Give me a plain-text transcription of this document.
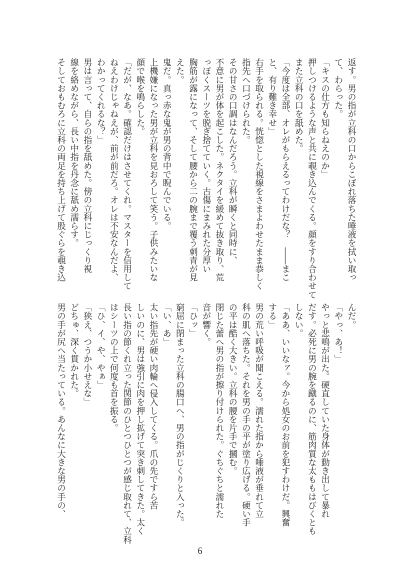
返す。男の指が立科の口からこぼれ落ちた唾液を拭い取っ

て、わらった。

「キスの仕方も知らねえのか」

押しつけるような声と共に覗き込んでくる。顔をすり合わせて

また立科の口を舐めた。

「今度は全部、オレがもらえるってわけだな？　――まこ

と、有り難き幸せ」

右手を取られる。恍惚とした視線をさまよわせたまま恭しく

指先へ口づけられた。

その甘さの口調はなんだろう。立科が瞬くと同時に、

不意に男が体を起こした。ネクタイを緩めて抜き取り、荒

っぽくスーツを脱ぎ捨てていく。古傷にまみれた分厚い

胸筋が露になって、そして腰から二の腕まで覆う刺青が見

えた。

鬼だ。真っ赤な鬼が男の背中で睨んでいる。

上機嫌になった男が立科を見おろして笑う。子供みたいな

顔で喉を鳴らした。

「だが、なあ。確認だけはさせてくれ。マスターを信用して

ねえわけじゃねえが、前が前だろ。オレは不安なんだよ、

わかってくれるな？」

男は言って、自らの指を舐めた。傍の立科にじっくり視

線を絡めながら、長い中指を丹念に舐め濡らす。

そしておもむろに立科の両足を持ち上げて股ぐらを覗き込

んだ。

「やっ、あ！」

やっと悲鳴が出た。硬直していた身体が動き出して暴れ

だす。必死に男の腕を蹴るのに、筋肉質な太ももはびくとも

しない。

「ああ、いいなァ。今から処女のお前を犯すわけだ。興奮

する」

男の荒い呼吸が聞こえる。濡れた指から唾液が垂れて立

科の肌へ落ちた。それを男の手の平が塗り広げる。硬い手

の平は酷く大きい。立科の腰を片手で摑む。

閉じた蕾へ男の指が擦り付けられた。ぐちぐちと濡れた

音が響く。

「ひッ」

窮屈に閉まった立科の腸口へ、男の指がじくりと入った。

「い、あ」

太い指先が硬い肉輪へ侵入してくる。爪の先ですら苦

しいのに、男は強引に肉を押し拡げて突き刺してきた。太く

長い指の節くれ立った関節のひとつひとつが感じ取れて、立科

はシーツの上で何度も首を振る。

「ひ、イ、や、やぁ」

「狭え、つうか小せえな」

どちゅ、深く貫かれた。

男の手が尻へ当たっている。あんなに大きな男の手の、

6
